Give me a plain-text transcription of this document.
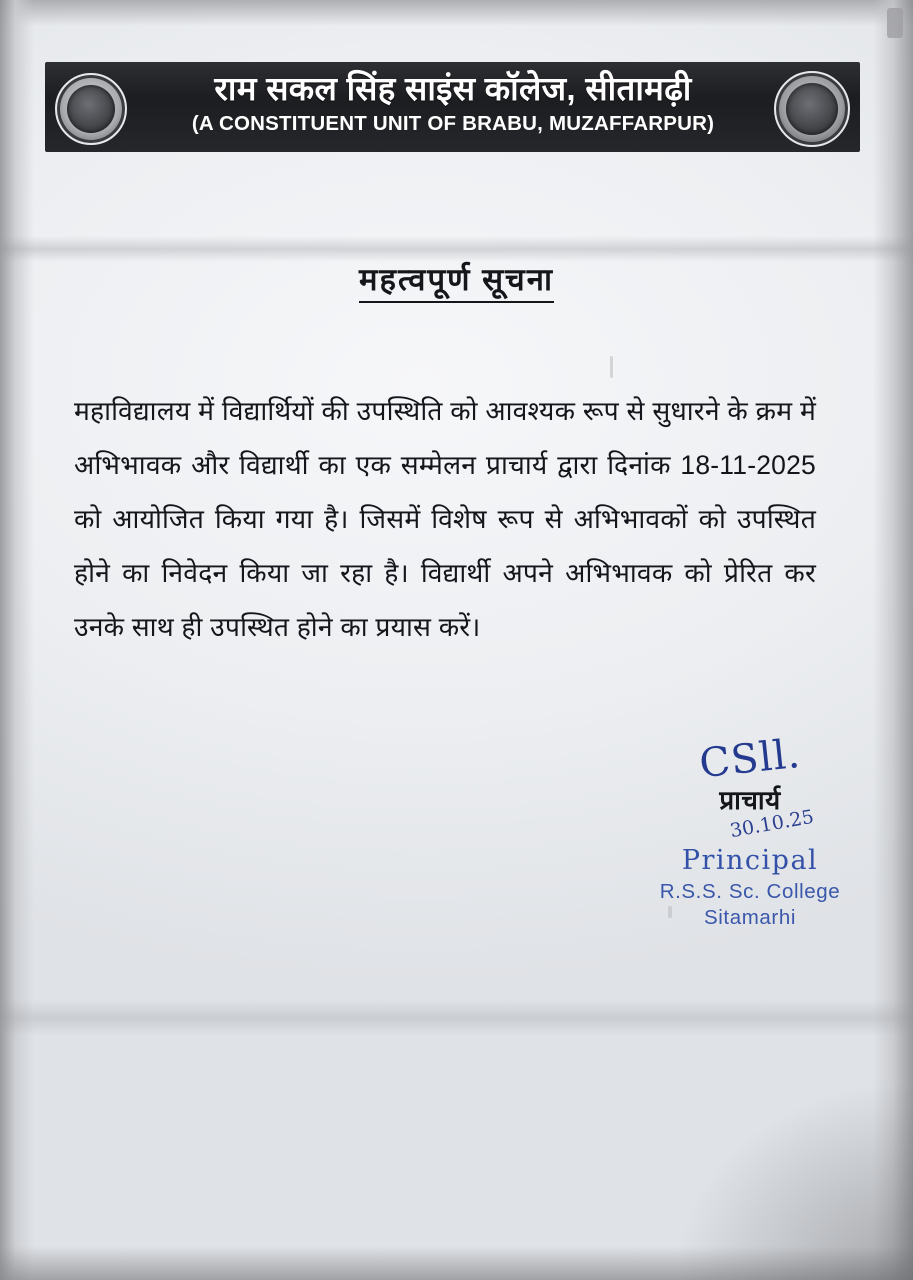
राम सकल सिंह साइंस कॉलेज, सीतामढ़ी
(A CONSTITUENT UNIT OF BRABU, MUZAFFARPUR)
महत्वपूर्ण सूचना
महाविद्यालय में विद्यार्थियों की उपस्थिति को आवश्यक रूप से सुधारने के क्रम में अभिभावक और विद्यार्थी का एक सम्मेलन प्राचार्य द्वारा दिनांक 18-11-2025 को आयोजित किया गया है। जिसमें विशेष रूप से अभिभावकों को उपस्थित होने का निवेदन किया जा रहा है। विद्यार्थी अपने अभिभावक को प्रेरित कर उनके साथ ही उपस्थित होने का प्रयास करें।
CSll.
प्राचार्य
30.10.25
Principal
R.S.S. Sc. College
Sitamarhi
